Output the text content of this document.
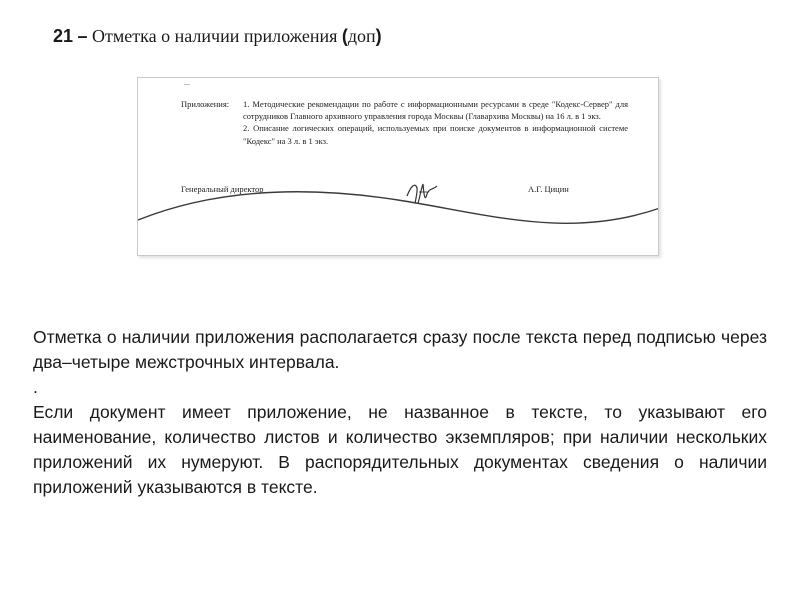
21 – Отметка о наличии приложения (доп)
...
Приложения:	1. Методические рекомендации по работе с информационными ресурсами в среде "Кодекс-Сервер" для сотрудников Главного архивного управления города Москвы (Главархива Москвы) на 16 л. в 1 экз.
2. Описание логических операций, используемых при поиске документов в информационной системе "Кодекс" на 3 л. в 1 экз.
Генеральный директор	А.Г. Цицин

Отметка о наличии приложения располагается сразу после текста перед подписью через два–четыре межстрочных интервала.

.

Если документ имеет приложение, не названное в тексте, то указывают его наименование, количество листов и количество экземпляров; при наличии нескольких приложений их нумеруют. В распорядительных документах сведения о наличии приложений указываются в тексте.
